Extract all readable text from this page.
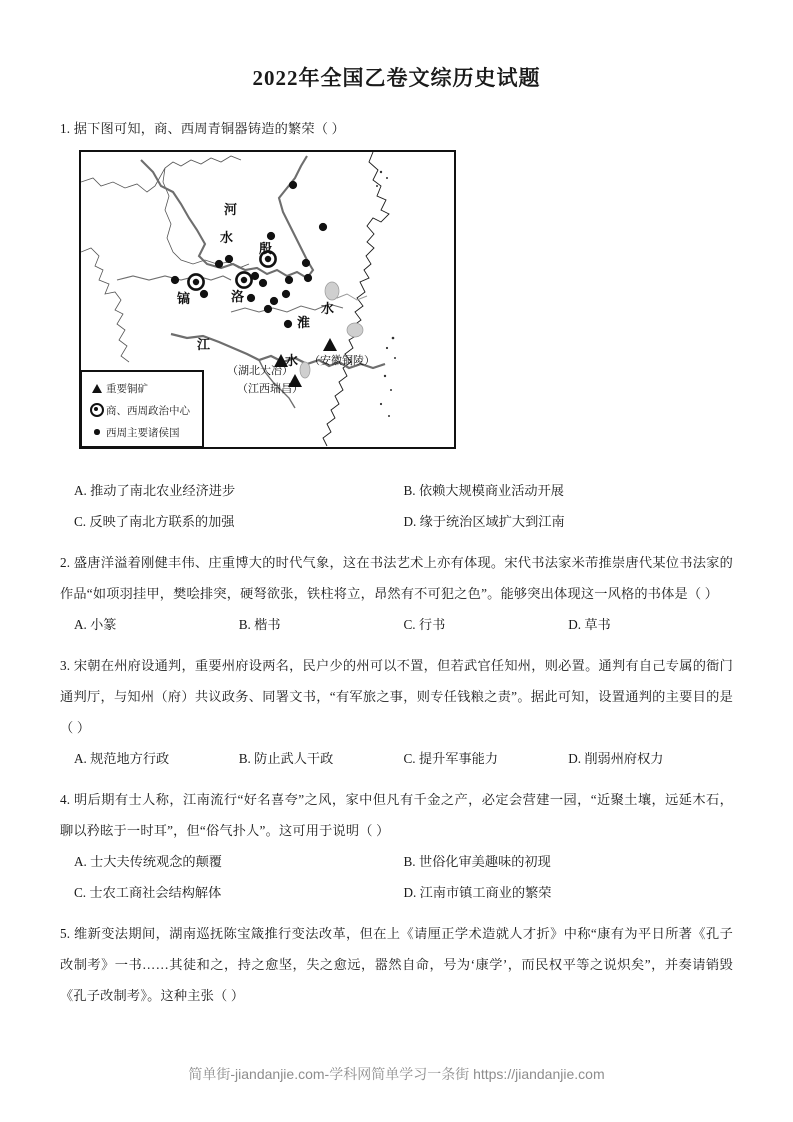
2022年全国乙卷文综历史试题

1. 据下图可知，商、西周青铜器铸造的繁荣（ ）

河
水
殷
镐	洛
淮
水
江
水
（湖北大冶）
（江西瑞昌）
（安徽铜陵）
重要铜矿
商、西周政治中心
西周主要诸侯国
A. 推动了南北农业经济进步	B. 依赖大规模商业活动开展
C. 反映了南北方联系的加强	D. 缘于统治区域扩大到江南

2. 盛唐洋溢着刚健丰伟、庄重博大的时代气象，这在书法艺术上亦有体现。宋代书法家米芾推崇唐代某位书法家的作品“如项羽挂甲，樊哙排突，硬弩欲张，铁柱将立，昂然有不可犯之色”。能够突出体现这一风格的书体是（ ）

A. 小篆	B. 楷书	C. 行书	D. 草书

3. 宋朝在州府设通判，重要州府设两名，民户少的州可以不置，但若武官任知州，则必置。通判有自己专属的衙门通判厅，与知州（府）共议政务、同署文书，“有军旅之事，则专任钱粮之责”。据此可知，设置通判的主要目的是（ ）

A. 规范地方行政	B. 防止武人干政	C. 提升军事能力	D. 削弱州府权力

4. 明后期有士人称，江南流行“好名喜夸”之风，家中但凡有千金之产，必定会营建一园，“近聚土壤，远延木石，聊以矜眩于一时耳”，但“俗气扑人”。这可用于说明（ ）

A. 士大夫传统观念的颠覆	B. 世俗化审美趣味的初现
C. 士农工商社会结构解体	D. 江南市镇工商业的繁荣

5. 维新变法期间，湖南巡抚陈宝箴推行变法改革，但在上《请厘正学术造就人才折》中称“康有为平日所著《孔子改制考》一书……其徒和之，持之愈坚，失之愈远，嚣然自命，号为‘康学’，而民权平等之说炽矣”，并奏请销毁《孔子改制考》。这种主张（ ）

简单街-jiandanjie.com-学科网简单学习一条街 https://jiandanjie.com
